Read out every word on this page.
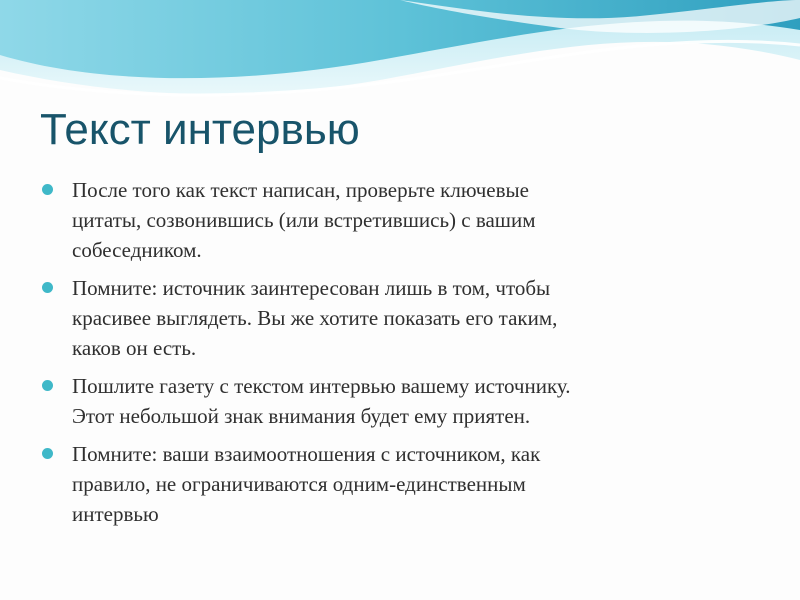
Текст интервью
После того как текст написан, проверьте ключевые
цитаты, созвонившись (или встретившись) с вашим
собеседником.
Помните: источник заинтересован лишь в том, чтобы
красивее выглядеть. Вы же хотите показать его таким,
каков он есть.
Пошлите газету с текстом интервью вашему источнику.
Этот небольшой знак внимания будет ему приятен.
Помните: ваши взаимоотношения с источником, как
правило, не ограничиваются одним-единственным
интервью
